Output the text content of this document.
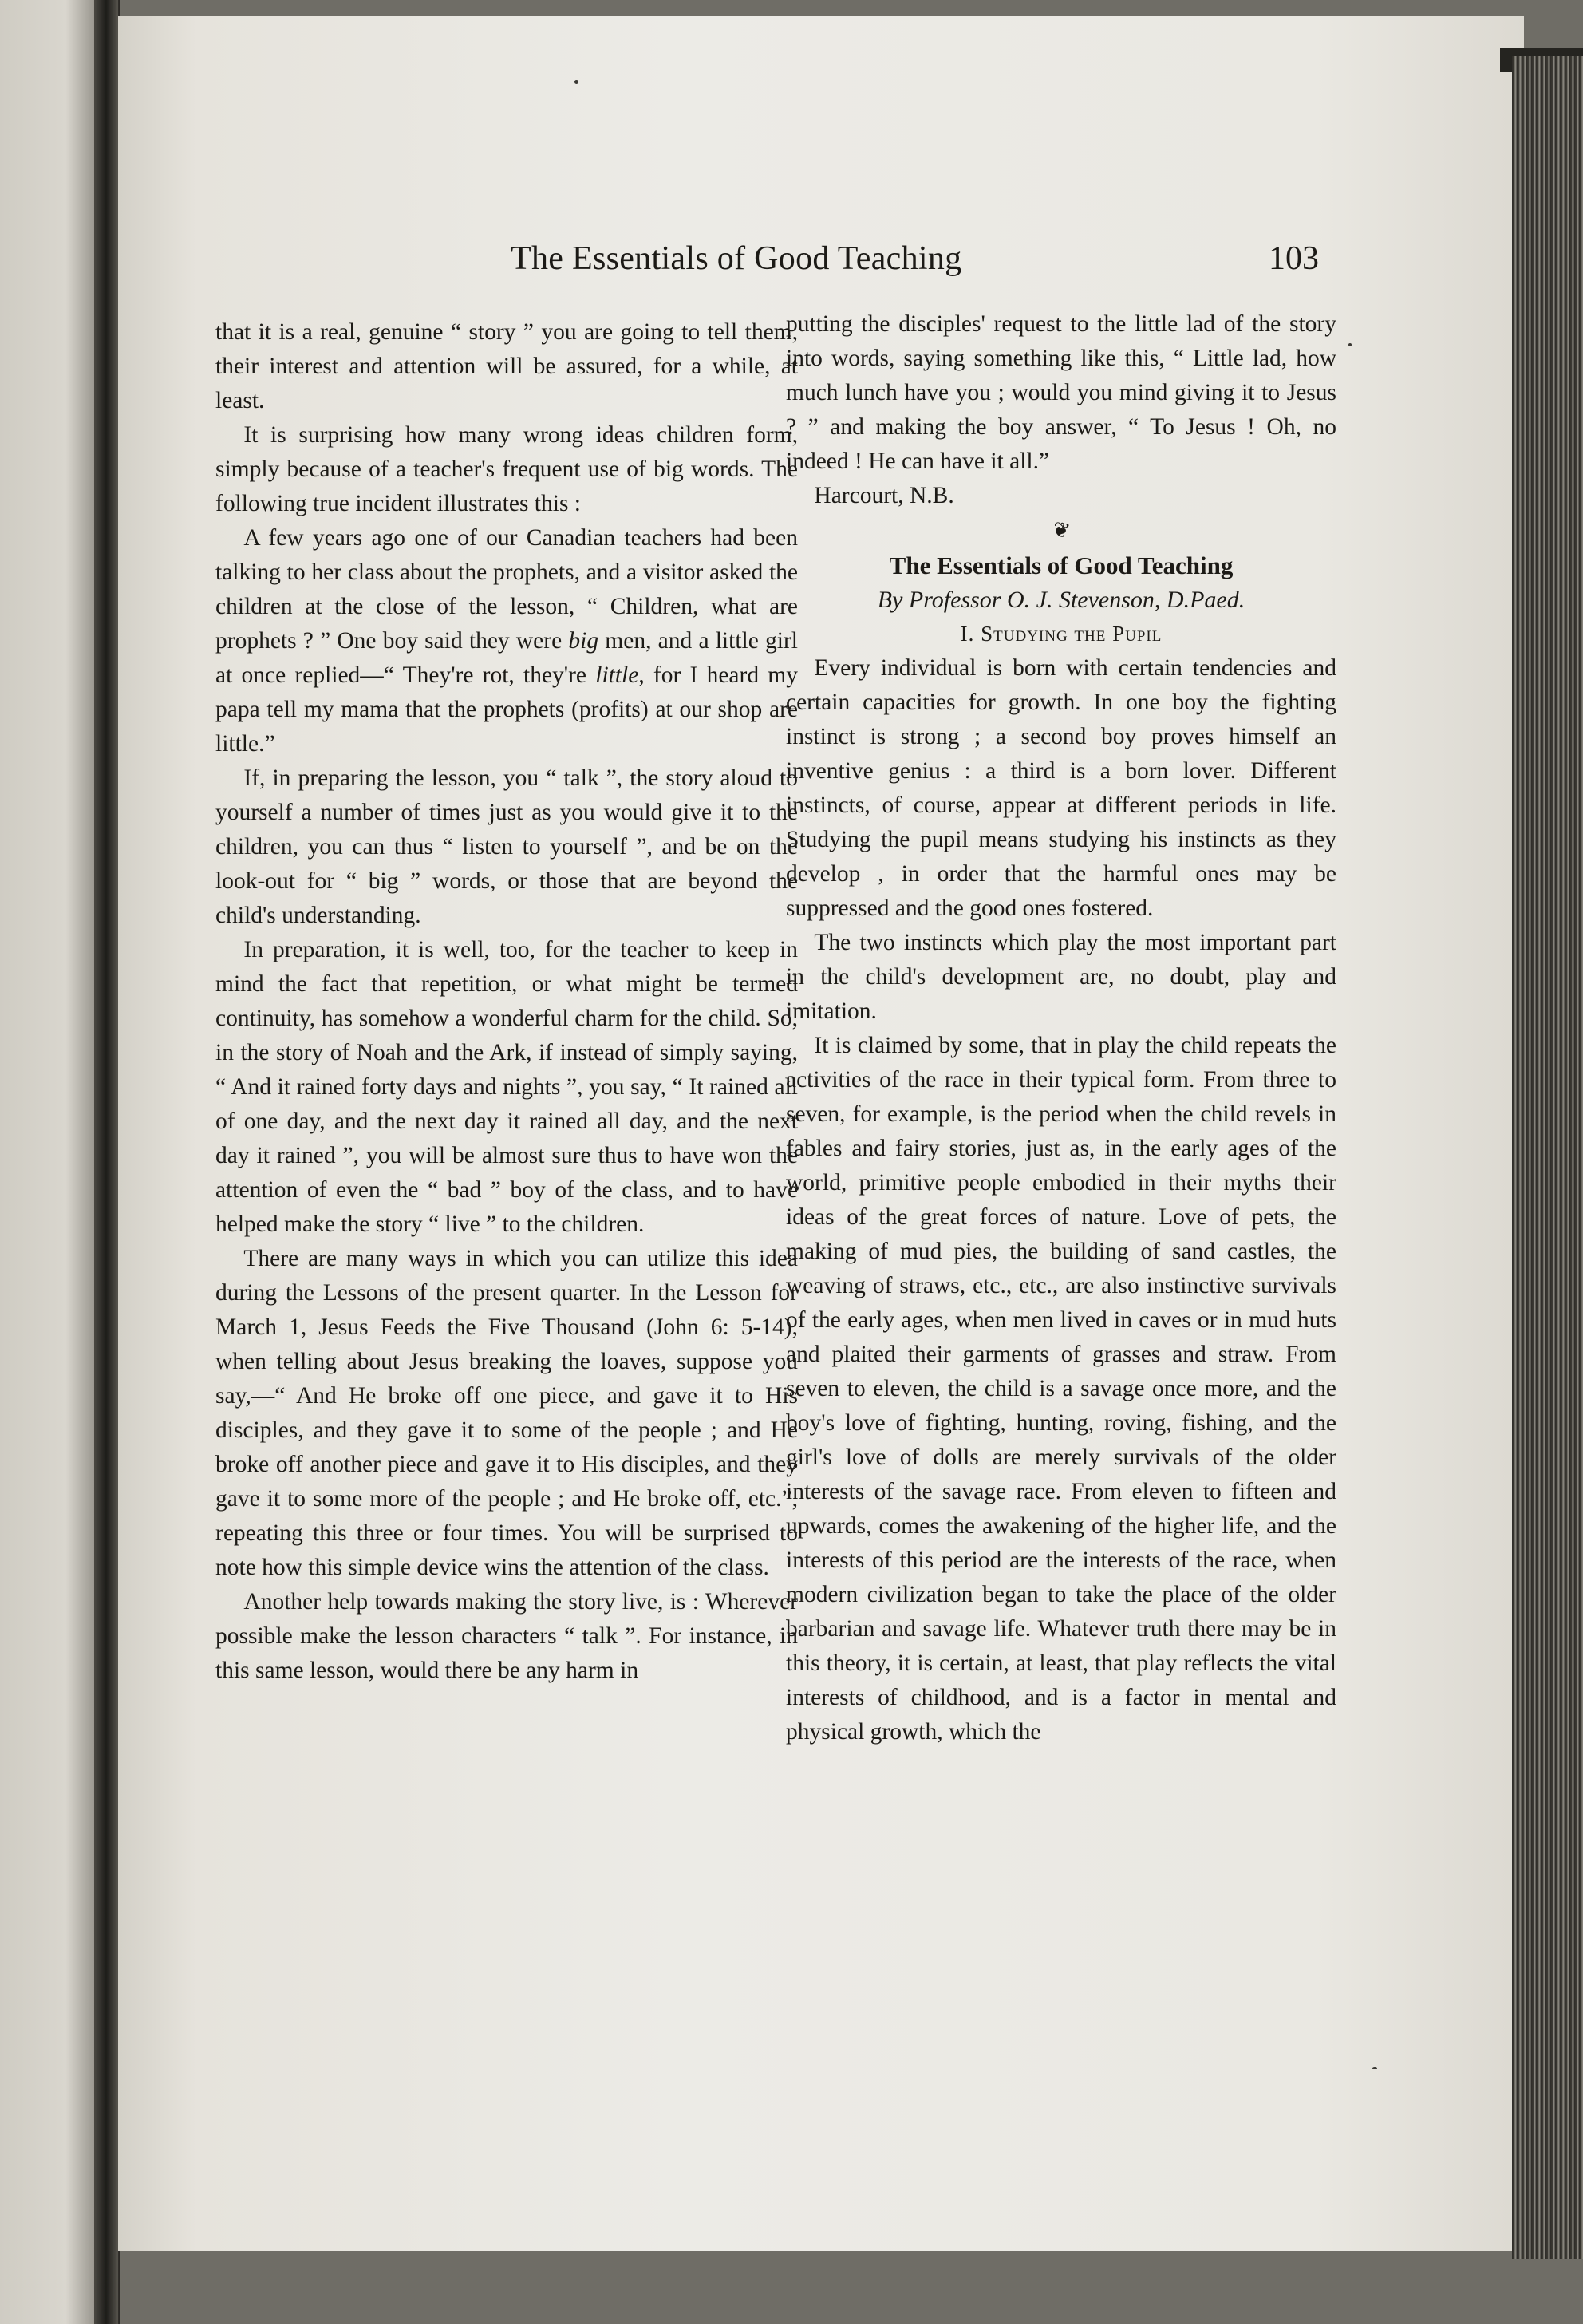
The Essentials of Good Teaching	103

that it is a real, genuine “ story ” you are going to tell them, their interest and attention will be assured, for a while, at least.

It is surprising how many wrong ideas children form, simply because of a teacher's frequent use of big words. The following true incident illustrates this :

A few years ago one of our Canadian teachers had been talking to her class about the prophets, and a visitor asked the children at the close of the lesson, “ Children, what are prophets ? ” One boy said they were big men, and a little girl at once replied—“ They're rot, they're little, for I heard my papa tell my mama that the prophets (profits) at our shop are little.”

If, in preparing the lesson, you “ talk ”, the story aloud to yourself a number of times just as you would give it to the children, you can thus “ listen to yourself ”, and be on the look-out for “ big ” words, or those that are beyond the child's understanding.

In preparation, it is well, too, for the teacher to keep in mind the fact that repetition, or what might be termed continuity, has somehow a wonderful charm for the child. So, in the story of Noah and the Ark, if instead of simply saying, “ And it rained forty days and nights ”, you say, “ It rained all of one day, and the next day it rained all day, and the next day it rained ”, you will be almost sure thus to have won the attention of even the “ bad ” boy of the class, and to have helped make the story “ live ” to the children.

There are many ways in which you can utilize this idea during the Lessons of the present quarter. In the Lesson for March 1, Jesus Feeds the Five Thousand (John 6: 5-14), when telling about Jesus breaking the loaves, suppose you say,—“ And He broke off one piece, and gave it to His disciples, and they gave it to some of the people ; and He broke off another piece and gave it to His disciples, and they gave it to some more of the people ; and He broke off, etc.”, repeating this three or four times. You will be surprised to note how this simple device wins the attention of the class.

Another help towards making the story live, is : Wherever possible make the lesson characters “ talk ”. For instance, in this same lesson, would there be any harm in

putting the disciples' request to the little lad of the story into words, saying something like this, “ Little lad, how much lunch have you ; would you mind giving it to Jesus ? ” and making the boy answer, “ To Jesus ! Oh, no indeed ! He can have it all.”

Harcourt, N.B.

❦

The Essentials of Good Teaching

By Professor O. J. Stevenson, D.Paed.

I. Studying the Pupil

Every individual is born with certain tendencies and certain capacities for growth. In one boy the fighting instinct is strong ; a second boy proves himself an inventive genius : a third is a born lover. Different instincts, of course, appear at different periods in life. Studying the pupil means studying his instincts as they develop , in order that the harmful ones may be suppressed and the good ones fostered.

The two instincts which play the most important part in the child's development are, no doubt, play and imitation.

It is claimed by some, that in play the child repeats the activities of the race in their typical form. From three to seven, for example, is the period when the child revels in fables and fairy stories, just as, in the early ages of the world, primitive people embodied in their myths their ideas of the great forces of nature. Love of pets, the making of mud pies, the building of sand castles, the weaving of straws, etc., etc., are also instinctive survivals of the early ages, when men lived in caves or in mud huts and plaited their garments of grasses and straw. From seven to eleven, the child is a savage once more, and the boy's love of fighting, hunting, roving, fishing, and the girl's love of dolls are merely survivals of the older interests of the savage race. From eleven to fifteen and upwards, comes the awakening of the higher life, and the interests of this period are the interests of the race, when modern civilization began to take the place of the older barbarian and savage life. Whatever truth there may be in this theory, it is certain, at least, that play reflects the vital interests of childhood, and is a factor in mental and physical growth, which the
